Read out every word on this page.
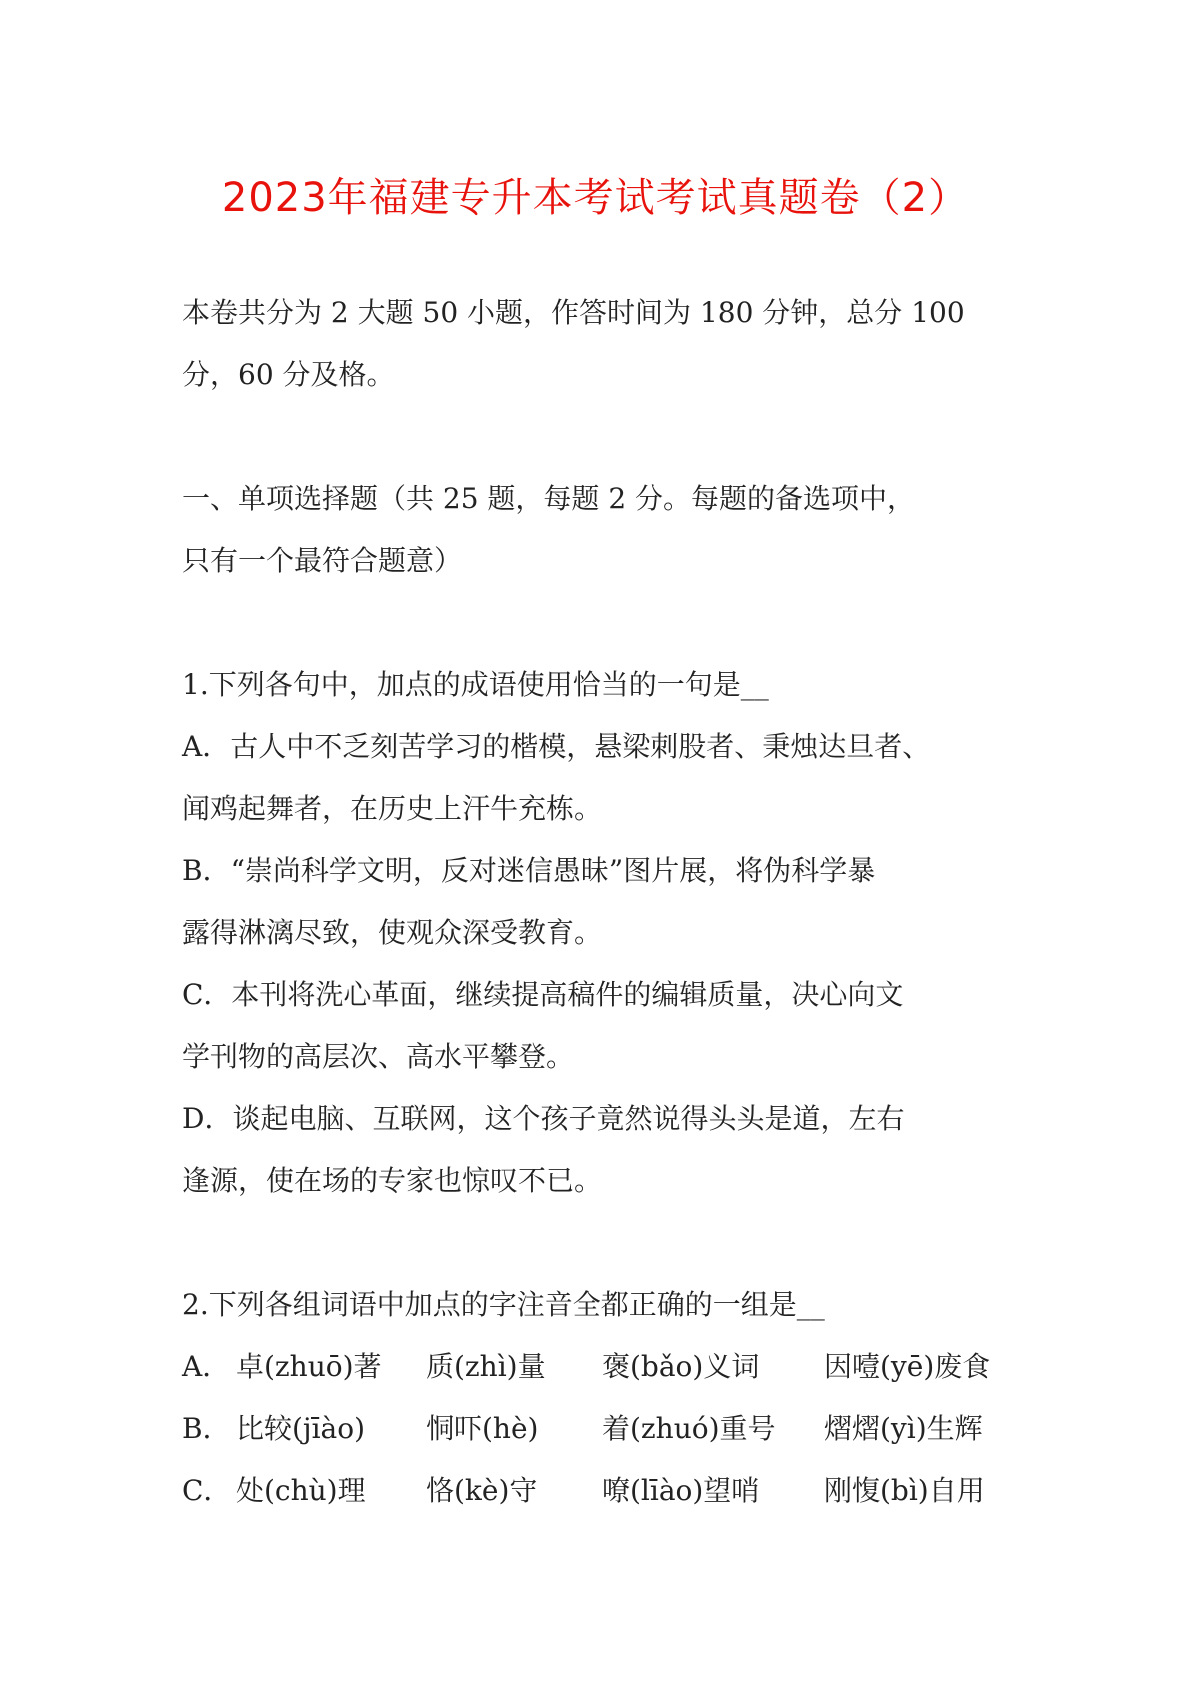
2023年福建专升本考试考试真题卷（2）
本卷共分为 2 大题 50 小题，作答时间为 180 分钟，总分 100
分，60 分及格。
一、单项选择题（共 25 题，每题 2 分。每题的备选项中，
只有一个最符合题意）
1.下列各句中，加点的成语使用恰当的一句是__
A．古人中不乏刻苦学习的楷模，悬梁刺股者、秉烛达旦者、
闻鸡起舞者，在历史上汗牛充栋。
B．“崇尚科学文明，反对迷信愚昧”图片展，将伪科学暴
露得淋漓尽致，使观众深受教育。
C．本刊将洗心革面，继续提高稿件的编辑质量，决心向文
学刊物的高层次、高水平攀登。
D．谈起电脑、互联网，这个孩子竟然说得头头是道，左右
逢源，使在场的专家也惊叹不已。
2.下列各组词语中加点的字注音全都正确的一组是__
A． 卓(zhuō)著	质(zhì)量	褒(bǎo)义词	因噎(yē)废食
B． 比较(jīào)	恫吓(hè)	着(zhuó)重号	熠熠(yì)生辉
C． 处(chù)理	恪(kè)守	嘹(līào)望哨	刚愎(bì)自用
